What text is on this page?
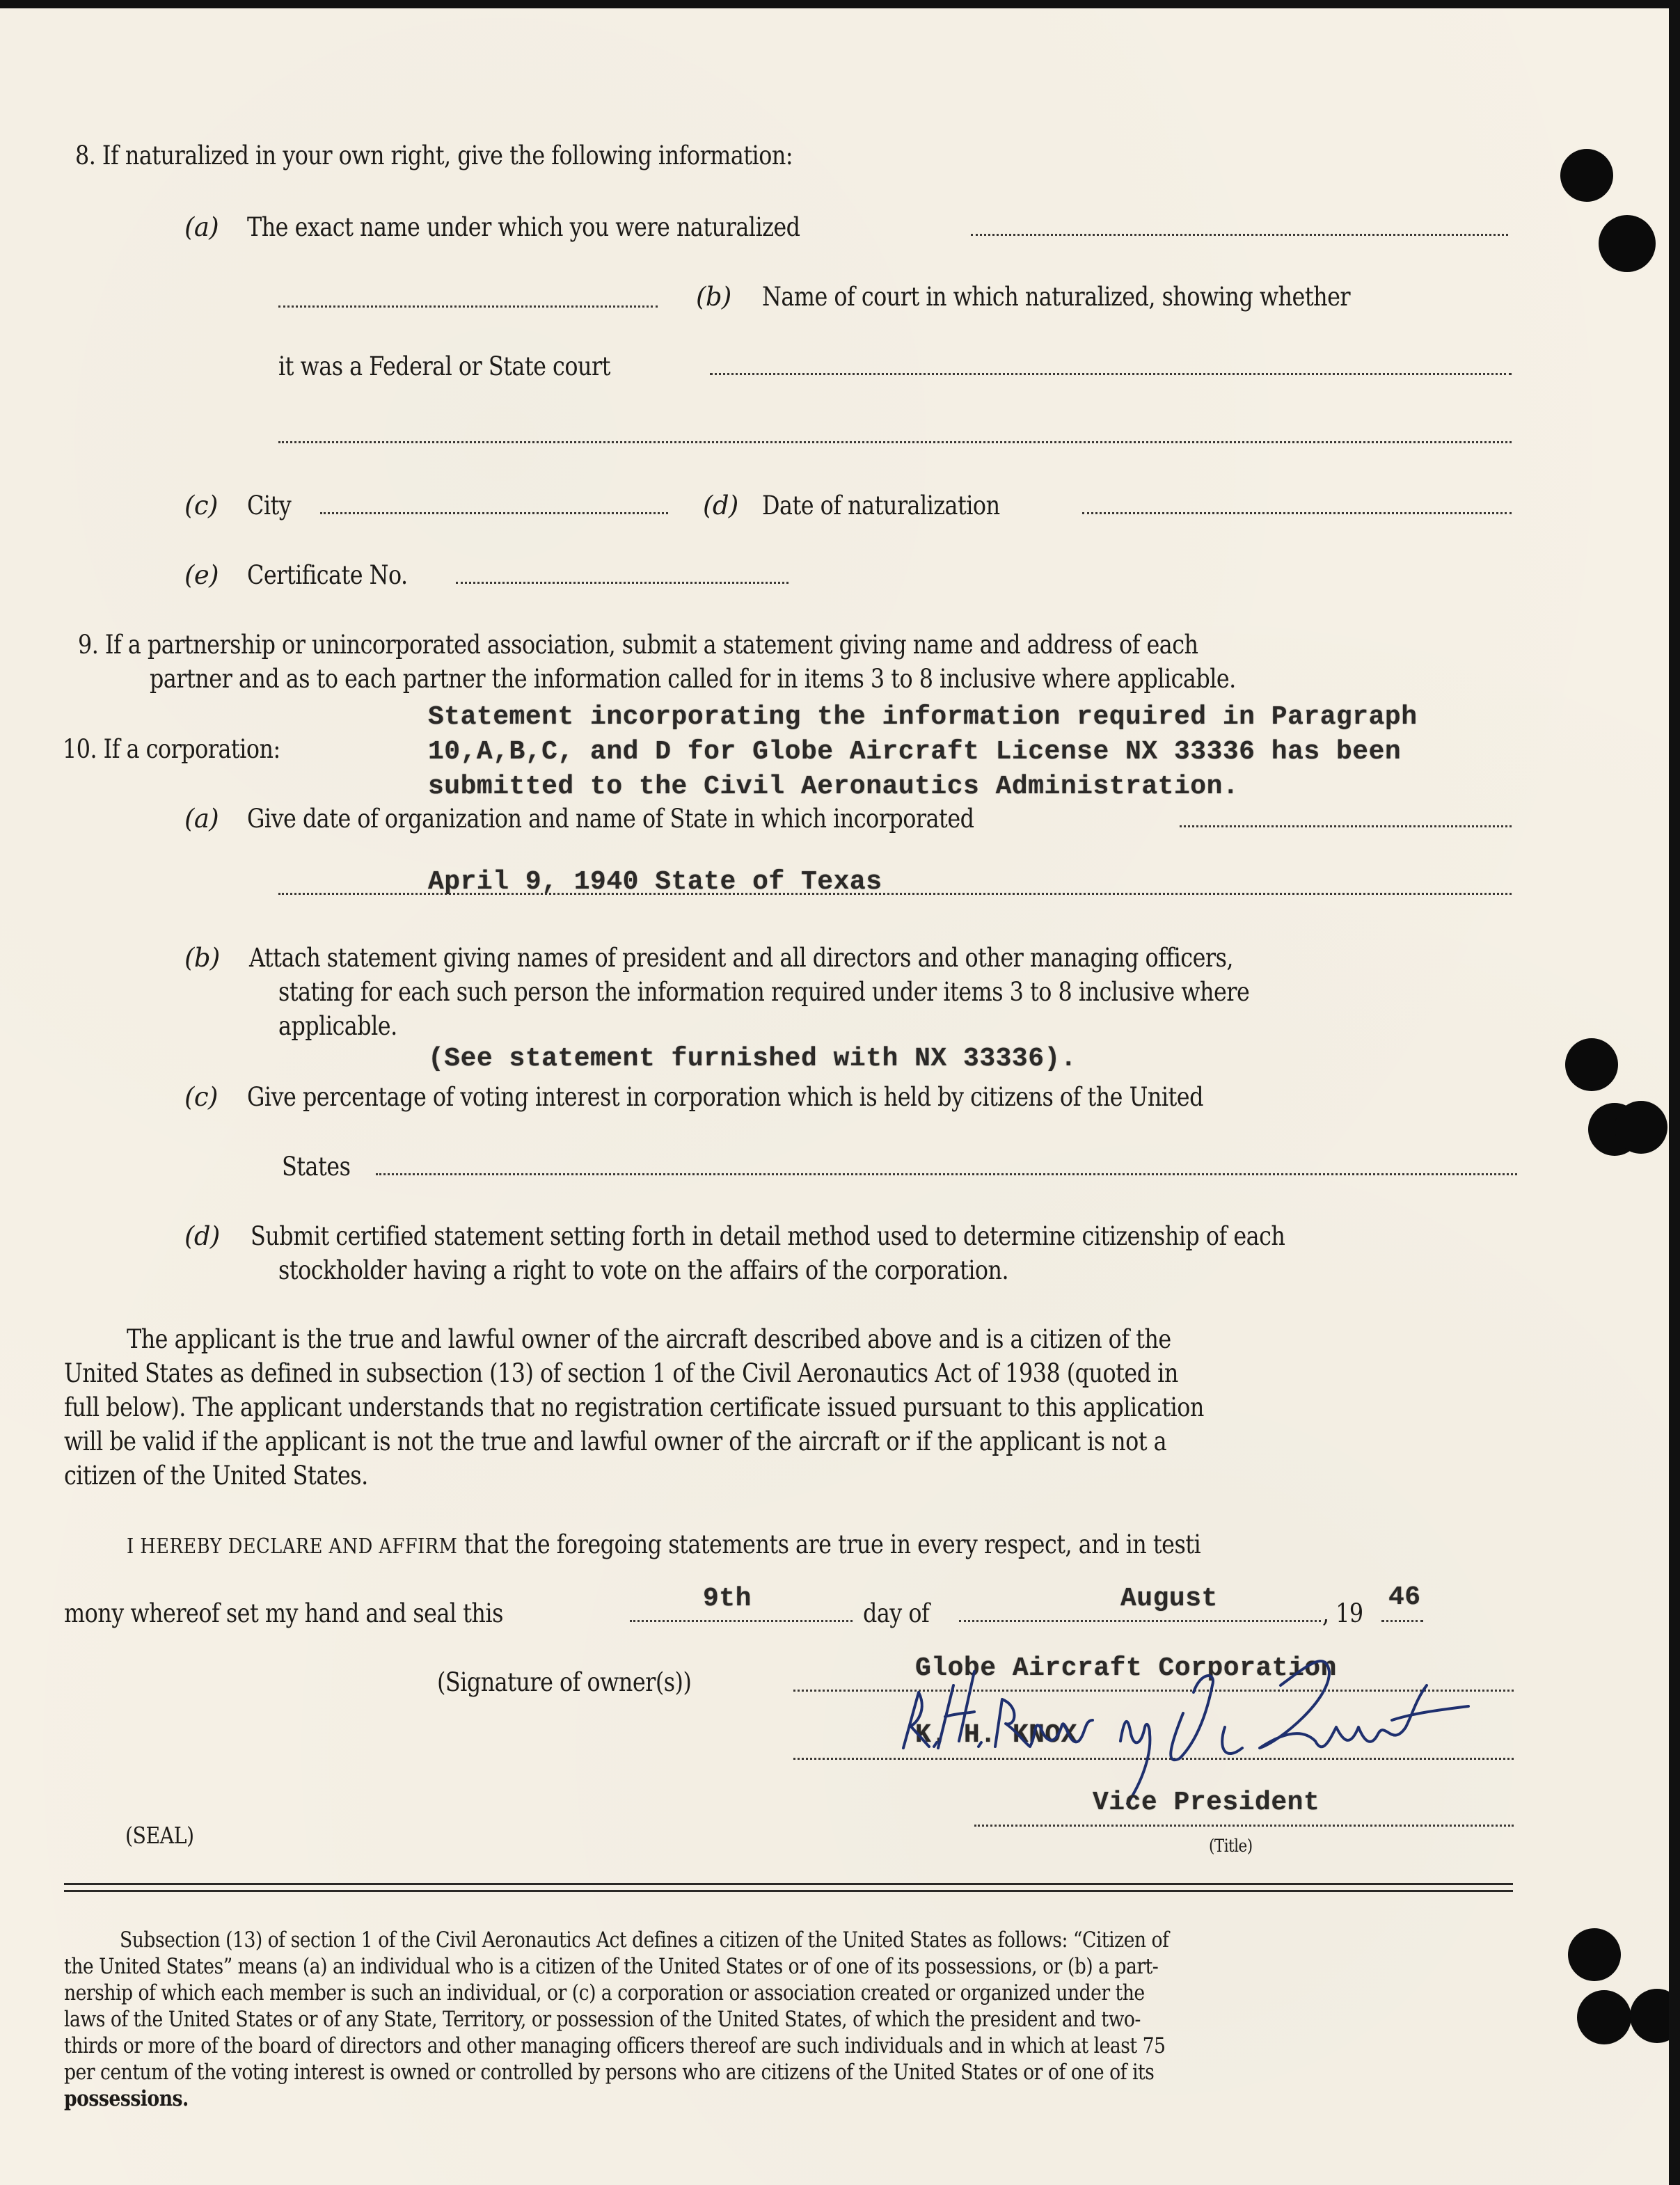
8. If naturalized in your own right, give the following information:
(a) The exact name under which you were naturalized
(b) Name of court in which naturalized, showing whether
it was a Federal or State court
(c) City	(d) Date of naturalization
(e) Certificate No.
9. If a partnership or unincorporated association, submit a statement giving name and address of each
partner and as to each partner the information called for in items 3 to 8 inclusive where applicable.
10. If a corporation:
Statement incorporating the information required in Paragraph
10,A,B,C, and D for Globe Aircraft License NX 33336 has been
submitted to the Civil Aeronautics Administration.
(a) Give date of organization and name of State in which incorporated
April 9, 1940 State of Texas
(b) Attach statement giving names of president and all directors and other managing officers,
stating for each such person the information required under items 3 to 8 inclusive where
applicable.
(See statement furnished with NX 33336).
(c) Give percentage of voting interest in corporation which is held by citizens of the United
States
(d) Submit certified statement setting forth in detail method used to determine citizenship of each
stockholder having a right to vote on the affairs of the corporation.
The applicant is the true and lawful owner of the aircraft described above and is a citizen of the
United States as defined in subsection (13) of section 1 of the Civil Aeronautics Act of 1938 (quoted in
full below). The applicant understands that no registration certificate issued pursuant to this application
will be valid if the applicant is not the true and lawful owner of the aircraft or if the applicant is not a
citizen of the United States.
I HEREBY DECLARE AND AFFIRM that the foregoing statements are true in every respect, and in testi
mony whereof set my hand and seal this	9th	day of	August	, 19
46
(Signature of owner(s))	Globe Aircraft Corporation
K. H. KNOX
Vice President
(Title)
(SEAL)
Subsection (13) of section 1 of the Civil Aeronautics Act defines a citizen of the United States as follows: “Citizen of
the United States” means (a) an individual who is a citizen of the United States or of one of its possessions, or (b) a part-
nership of which each member is such an individual, or (c) a corporation or association created or organized under the
laws of the United States or of any State, Territory, or possession of the United States, of which the president and two-
thirds or more of the board of directors and other managing officers thereof are such individuals and in which at least 75
per centum of the voting interest is owned or controlled by persons who are citizens of the United States or of one of its
possessions.
